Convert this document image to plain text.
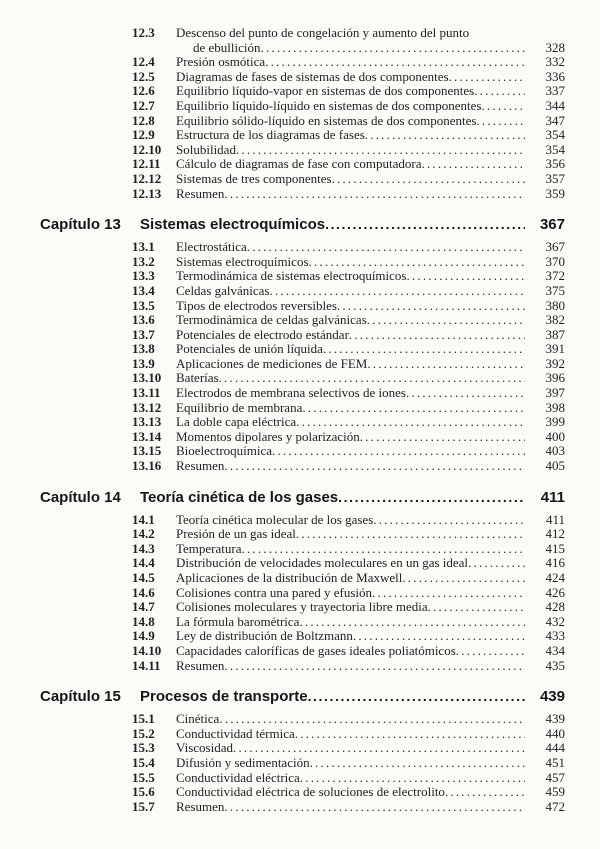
12.3	Descenso del punto de congelación y aumento del punto
de ebullición .....	328
12.4	Presión osmótica .....	332
12.5	Diagramas de fases de sistemas de dos componentes .....	336
12.6	Equilibrio líquido-vapor en sistemas de dos componentes .....	337
12.7	Equilibrio líquido-líquido en sistemas de dos componentes .....	344
12.8	Equilibrio sólido-líquido en sistemas de dos componentes .....	347
12.9	Estructura de los diagramas de fases .....	354
12.10	Solubilidad .....	354
12.11	Cálculo de diagramas de fase con computadora .....	356
12.12	Sistemas de tres componentes .....	357
12.13	Resumen .....	359
Capítulo 13	Sistemas electroquímicos .....	367
13.1	Electrostática .....	367
13.2	Sistemas electroquímicos .....	370
13.3	Termodinámica de sistemas electroquímicos .....	372
13.4	Celdas galvánicas .....	375
13.5	Tipos de electrodos reversibles .....	380
13.6	Termodinámica de celdas galvánicas .....	382
13.7	Potenciales de electrodo estándar .....	387
13.8	Potenciales de unión líquida .....	391
13.9	Aplicaciones de mediciones de FEM .....	392
13.10	Baterías .....	396
13.11	Electrodos de membrana selectivos de iones .....	397
13.12	Equilibrio de membrana .....	398
13.13	La doble capa eléctrica .....	399
13.14	Momentos dipolares y polarización .....	400
13.15	Bioelectroquímica .....	403
13.16	Resumen .....	405
Capítulo 14	Teoría cinética de los gases .....	411
14.1	Teoría cinética molecular de los gases .....	411
14.2	Presión de un gas ideal .....	412
14.3	Temperatura .....	415
14.4	Distribución de velocidades moleculares en un gas ideal .....	416
14.5	Aplicaciones de la distribución de Maxwell .....	424
14.6	Colisiones contra una pared y efusión .....	426
14.7	Colisiones moleculares y trayectoria libre media .....	428
14.8	La fórmula barométrica .....	432
14.9	Ley de distribución de Boltzmann .....	433
14.10	Capacidades caloríficas de gases ideales poliatómicos .....	434
14.11	Resumen .....	435
Capítulo 15	Procesos de transporte .....	439
15.1	Cinética .....	439
15.2	Conductividad térmica .....	440
15.3	Viscosidad .....	444
15.4	Difusión y sedimentación .....	451
15.5	Conductividad eléctrica .....	457
15.6	Conductividad eléctrica de soluciones de electrolito .....	459
15.7	Resumen .....	472
